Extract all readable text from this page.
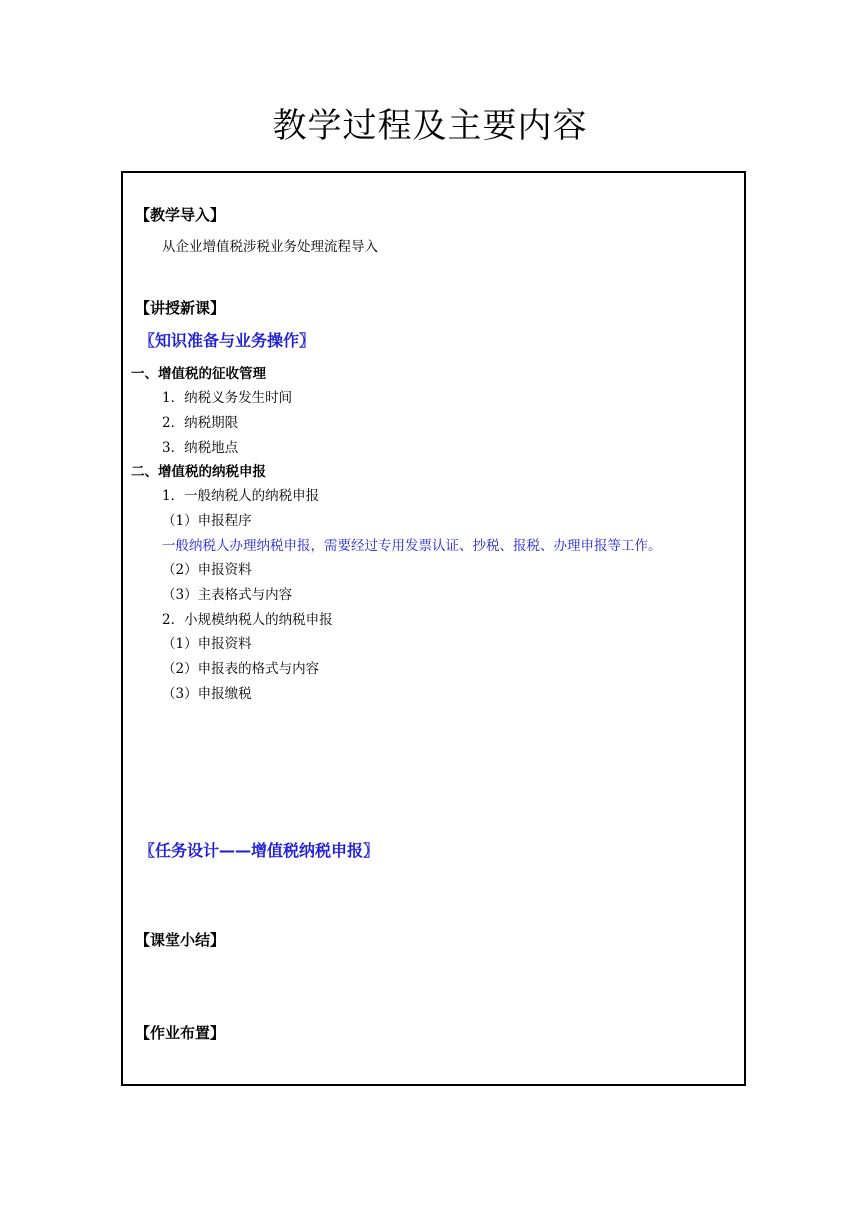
教学过程及主要内容
【教学导入】
从企业增值税涉税业务处理流程导入
【讲授新课】
〖知识准备与业务操作〗
一、增值税的征收管理
1．纳税义务发生时间
2．纳税期限
3．纳税地点
二、增值税的纳税申报
1．一般纳税人的纳税申报
（1）申报程序
一般纳税人办理纳税申报，需要经过专用发票认证、抄税、报税、办理申报等工作。
（2）申报资料
（3）主表格式与内容
2．小规模纳税人的纳税申报
（1）申报资料
（2）申报表的格式与内容
（3）申报缴税
〖任务设计——增值税纳税申报〗
【课堂小结】
【作业布置】
